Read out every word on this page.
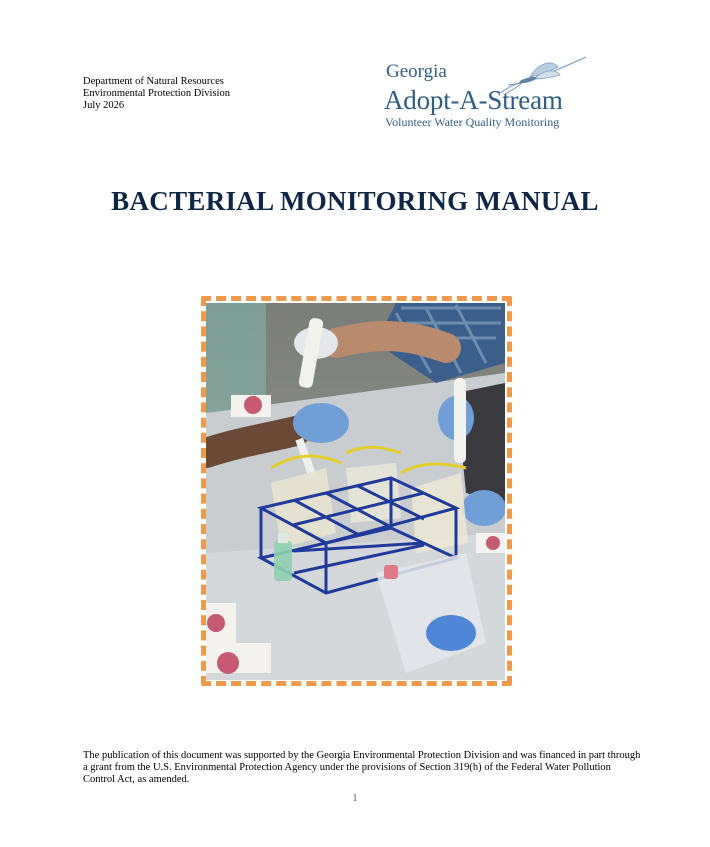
Department of Natural Resources
Environmental Protection Division
July 2026
Georgia
Adopt-A-Stream
Volunteer Water Quality Monitoring
BACTERIAL MONITORING MANUAL
The publication of this document was supported by the Georgia Environmental Protection Division and was financed in part through a grant from the U.S. Environmental Protection Agency under the provisions of Section 319(h) of the Federal Water Pollution Control Act, as amended.
1
